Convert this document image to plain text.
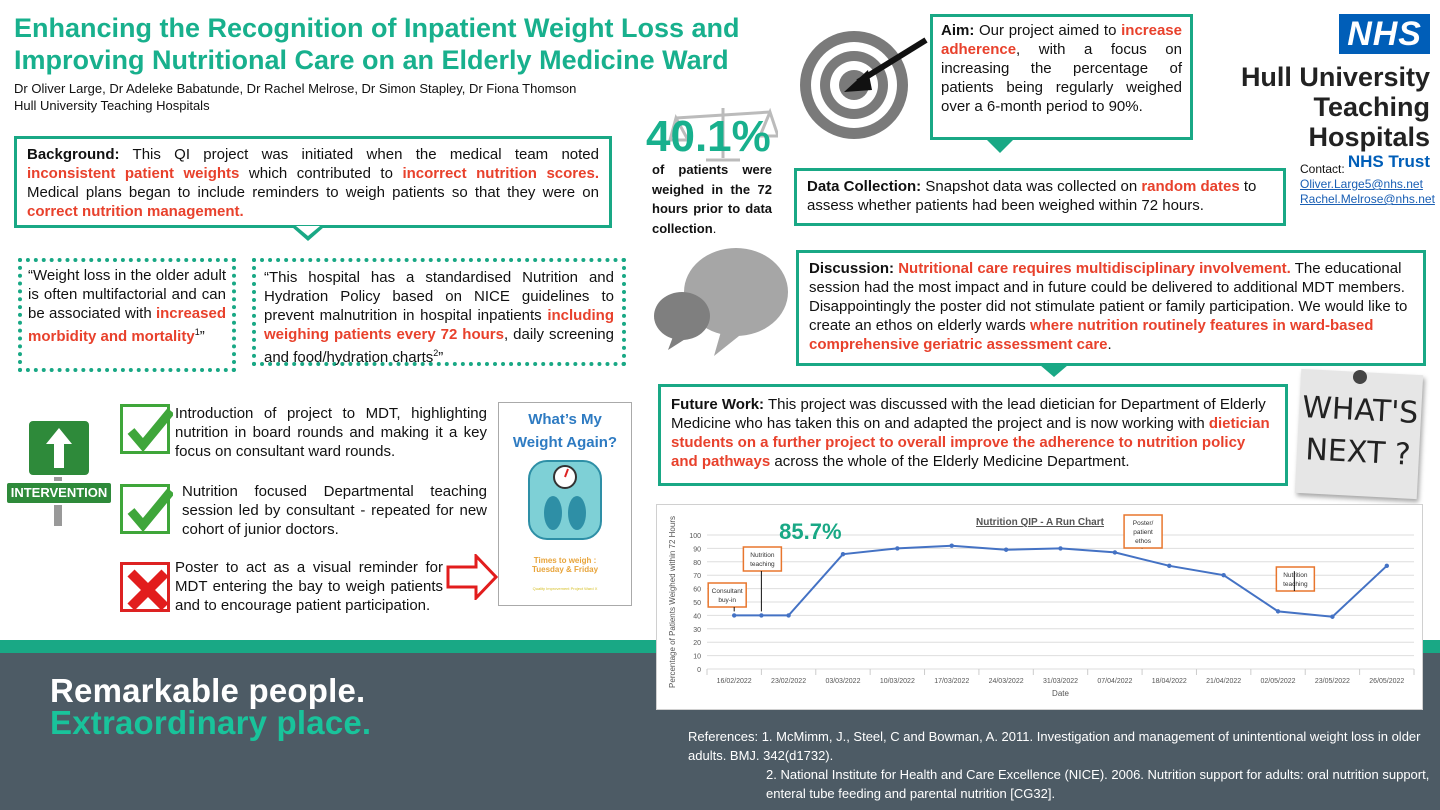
Enhancing the Recognition of Inpatient Weight Loss and
Improving Nutritional Care on an Elderly Medicine Ward
Dr Oliver Large, Dr Adeleke Babatunde, Dr Rachel Melrose, Dr Simon Stapley, Dr Fiona Thomson
Hull University Teaching Hospitals
NHS
Hull University
Teaching Hospitals
NHS Trust
Contact:
Oliver.Large5@nhs.net
Rachel.Melrose@nhs.net
Background: This QI project was initiated when the medical team noted inconsistent patient weights which contributed to incorrect nutrition scores. Medical plans began to include reminders to weigh patients so that they were on correct nutrition management.
“Weight loss in the older adult is often multifactorial and can be associated with increased morbidity and mortality$^1$”
“This hospital has a standardised Nutrition and Hydration Policy based on NICE guidelines to prevent malnutrition in hospital inpatients including weighing patients every 72 hours, daily screening and food/hydration charts$^2$”
40.1%
of patients were weighed in the 72 hours prior to data collection.
Aim: Our project aimed to increase adherence, with a focus on increasing the percentage of patients being regularly weighed over a 6-month period to 90%.
Data Collection: Snapshot data was collected on random dates to assess whether patients had been weighed within 72 hours.
Discussion: Nutritional care requires multidisciplinary involvement. The educational session had the most impact and in future could be delivered to additional MDT members. Disappointingly the poster did not stimulate patient or family participation. We would like to create an ethos on elderly wards where nutrition routinely features in ward-based comprehensive geriatric assessment care.
Future Work: This project was discussed with the lead dietician for Department of Elderly Medicine who has taken this on and adapted the project and is now working with dietician students on a further project to overall improve the adherence to nutrition policy and pathways across the whole of the Elderly Medicine Department.
WHAT'S
NEXT ?
INTERVENTION
Introduction of project to MDT, highlighting nutrition in board rounds and making it a key focus on consultant ward rounds.
Nutrition focused Departmental teaching session led by consultant - repeated for new cohort of junior doctors.
Poster to act as a visual reminder for MDT entering the bay to weigh patients and to encourage patient participation.
What’s My
Weight Again?
Times to weigh :
Tuesday & Friday
Quality Improvement Project Ward X
Remarkable people.
Extraordinary place.	References: 1. McMimm, J., Steel, C and Bowman, A. 2011. Investigation and management of unintentional weight loss in older adults. BMJ. 342(d1732).
2. National Institute for Health and Care Excellence (NICE). 2006. Nutrition support for adults: oral nutrition support, enteral tube feeding and parental nutrition [CG32].
Nutrition QIP - A Run Chart
0
10
20
30
40
50
60
70
80
90
100
16/02/2022	23/02/2022	03/03/2022	10/03/2022	17/03/2022	24/03/2022	31/03/2022	07/04/2022	18/04/2022	21/04/2022	02/05/2022	23/05/2022	26/05/2022
Date
Percentage of Patients Weighed within 72 Hours	85.7%
Consultant
buy-in
Nutrition
teaching
Poster/
patient
ethos
Nutrition
teaching
